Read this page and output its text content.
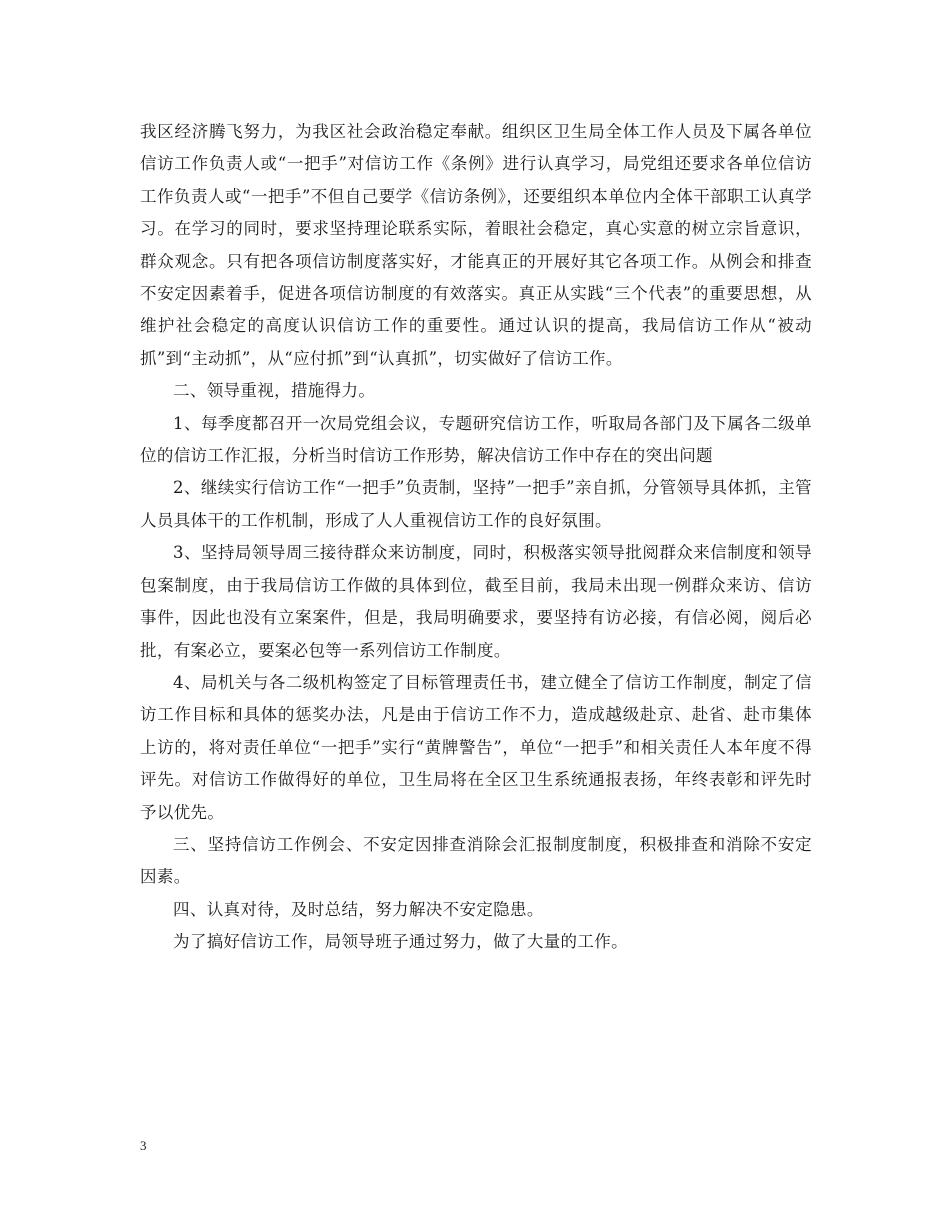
我区经济腾飞努力，为我区社会政治稳定奉献。组织区卫生局全体工作人员及下属各单位信访工作负责人或“一把手”对信访工作《条例》进行认真学习，局党组还要求各单位信访工作负责人或“一把手”不但自己要学《信访条例》，还要组织本单位内全体干部职工认真学习。在学习的同时，要求坚持理论联系实际，着眼社会稳定，真心实意的树立宗旨意识，群众观念。只有把各项信访制度落实好，才能真正的开展好其它各项工作。从例会和排查不安定因素着手，促进各项信访制度的有效落实。真正从实践“三个代表”的重要思想，从维护社会稳定的高度认识信访工作的重要性。通过认识的提高，我局信访工作从“被动抓”到“主动抓”，从“应付抓”到“认真抓”，切实做好了信访工作。

二、领导重视，措施得力。

1、每季度都召开一次局党组会议，专题研究信访工作，听取局各部门及下属各二级单位的信访工作汇报，分析当时信访工作形势，解决信访工作中存在的突出问题

2、继续实行信访工作“一把手”负责制，坚持”一把手”亲自抓，分管领导具体抓，主管人员具体干的工作机制，形成了人人重视信访工作的良好氛围。

3、坚持局领导周三接待群众来访制度，同时，积极落实领导批阅群众来信制度和领导包案制度，由于我局信访工作做的具体到位，截至目前，我局未出现一例群众来访、信访事件，因此也没有立案案件，但是，我局明确要求，要坚持有访必接，有信必阅，阅后必批，有案必立，要案必包等一系列信访工作制度。

4、局机关与各二级机构签定了目标管理责任书，建立健全了信访工作制度，制定了信访工作目标和具体的惩奖办法，凡是由于信访工作不力，造成越级赴京、赴省、赴市集体上访的，将对责任单位“一把手”实行“黄牌警告”，单位“一把手”和相关责任人本年度不得评先。对信访工作做得好的单位，卫生局将在全区卫生系统通报表扬，年终表彰和评先时予以优先。

三、坚持信访工作例会、不安定因排查消除会汇报制度制度，积极排查和消除不安定因素。

四、认真对待，及时总结，努力解决不安定隐患。

为了搞好信访工作，局领导班子通过努力，做了大量的工作。

3
